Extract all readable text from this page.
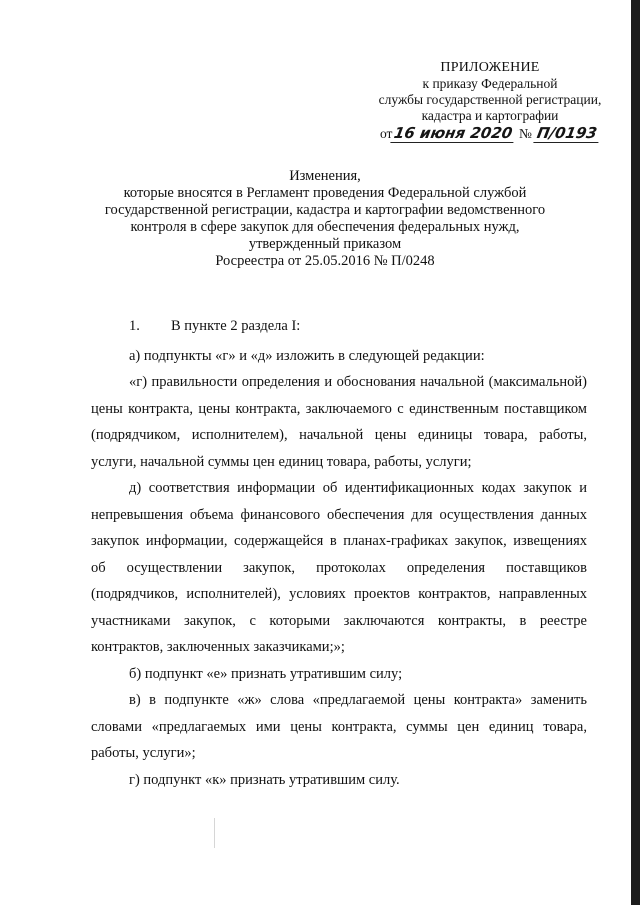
ПРИЛОЖЕНИЕ
к приказу Федеральной
службы государственной регистрации,
кадастра и картографии
от16 июня 2020 № П/0193
Изменения,
которые вносятся в Регламент проведения Федеральной службой
государственной регистрации, кадастра и картографии ведомственного
контроля в сфере закупок для обеспечения федеральных нужд,
утвержденный приказом
Росреестра от 25.05.2016 № П/0248

1. В пункте 2 раздела I:

а) подпункты «г» и «д» изложить в следующей редакции:

«г) правильности определения и обоснования начальной (максимальной) цены контракта, цены контракта, заключаемого с единственным поставщиком (подрядчиком, исполнителем), начальной цены единицы товара, работы, услуги, начальной суммы цен единиц товара, работы, услуги;

д) соответствия информации об идентификационных кодах закупок и непревышения объема финансового обеспечения для осуществления данных закупок информации, содержащейся в планах-графиках закупок, извещениях об осуществлении закупок, протоколах определения поставщиков (подрядчиков, исполнителей), условиях проектов контрактов, направленных участниками закупок, с которыми заключаются контракты, в реестре контрактов, заключенных заказчиками;»;

б) подпункт «е» признать утратившим силу;

в) в подпункте «ж» слова «предлагаемой цены контракта» заменить словами «предлагаемых ими цены контракта, суммы цен единиц товара, работы, услуги»;

г) подпункт «к» признать утратившим силу.
